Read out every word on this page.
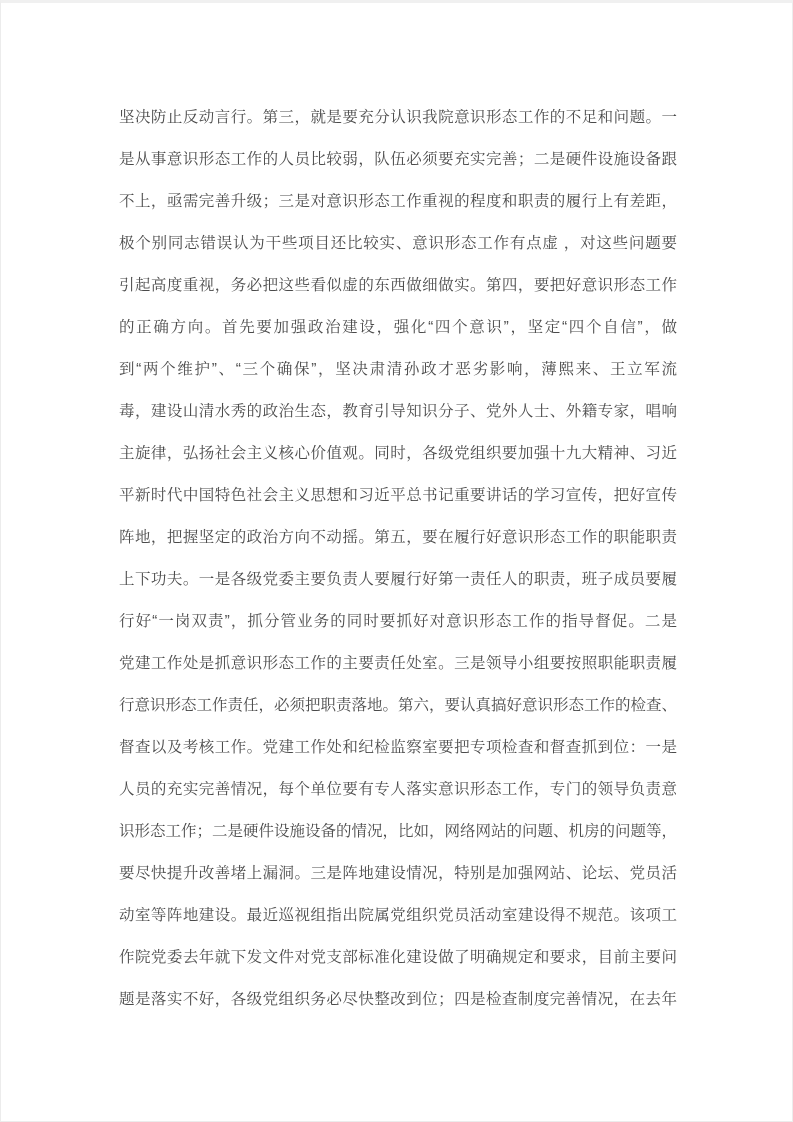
坚决防止反动言行。第三，就是要充分认识我院意识形态工作的不足和问题。一
是从事意识形态工作的人员比较弱，队伍必须要充实完善；二是硬件设施设备跟
不上，亟需完善升级；三是对意识形态工作重视的程度和职责的履行上有差距，
极个别同志错误认为干些项目还比较实、意识形态工作有点虚 ，对这些问题要
引起高度重视，务必把这些看似虚的东西做细做实。第四，要把好意识形态工作
的正确方向。首先要加强政治建设，强化“四个意识”，坚定“四个自信”，做
到“两个维护”、“三个确保”，坚决肃清孙政才恶劣影响，薄熙来、王立军流
毒，建设山清水秀的政治生态，教育引导知识分子、党外人士、外籍专家，唱响
主旋律，弘扬社会主义核心价值观。同时，各级党组织要加强十九大精神、习近
平新时代中国特色社会主义思想和习近平总书记重要讲话的学习宣传，把好宣传
阵地，把握坚定的政治方向不动摇。第五，要在履行好意识形态工作的职能职责
上下功夫。一是各级党委主要负责人要履行好第一责任人的职责，班子成员要履
行好“一岗双责”，抓分管业务的同时要抓好对意识形态工作的指导督促。二是
党建工作处是抓意识形态工作的主要责任处室。三是领导小组要按照职能职责履
行意识形态工作责任，必须把职责落地。第六，要认真搞好意识形态工作的检查、
督查以及考核工作。党建工作处和纪检监察室要把专项检查和督查抓到位：一是
人员的充实完善情况，每个单位要有专人落实意识形态工作，专门的领导负责意
识形态工作；二是硬件设施设备的情况，比如，网络网站的问题、机房的问题等，
要尽快提升改善堵上漏洞。三是阵地建设情况，特别是加强网站、论坛、党员活
动室等阵地建设。最近巡视组指出院属党组织党员活动室建设得不规范。该项工
作院党委去年就下发文件对党支部标准化建设做了明确规定和要求，目前主要问
题是落实不好，各级党组织务必尽快整改到位；四是检查制度完善情况，在去年
